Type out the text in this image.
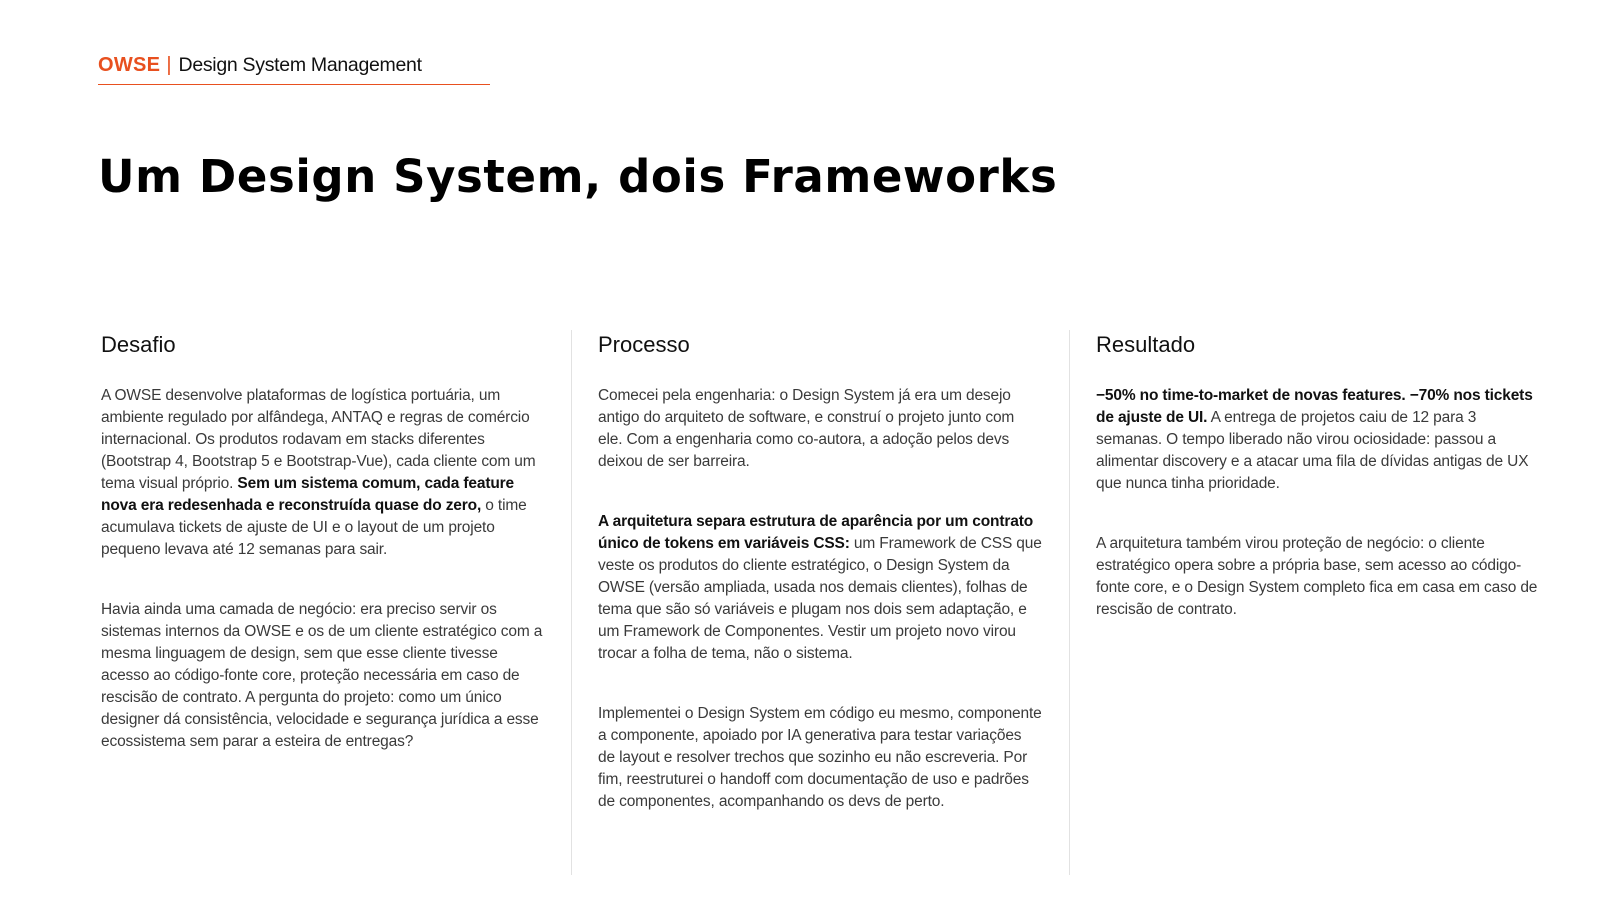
OWSE | Design System Management
Um Design System, dois Frameworks
Desafio

A OWSE desenvolve plataformas de logística portuária, um ambiente regulado por alfândega, ANTAQ e regras de comércio internacional. Os produtos rodavam em stacks diferentes (Bootstrap 4, Bootstrap 5 e Bootstrap-Vue), cada cliente com um tema visual próprio. Sem um sistema comum, cada feature nova era redesenhada e reconstruída quase do zero, o time acumulava tickets de ajuste de UI e o layout de um projeto pequeno levava até 12 semanas para sair.

Havia ainda uma camada de negócio: era preciso servir os sistemas internos da OWSE e os de um cliente estratégico com a mesma linguagem de design, sem que esse cliente tivesse acesso ao código-fonte core, proteção necessária em caso de rescisão de contrato. A pergunta do projeto: como um único designer dá consistência, velocidade e segurança jurídica a esse ecossistema sem parar a esteira de entregas?

Processo

Comecei pela engenharia: o Design System já era um desejo antigo do arquiteto de software, e construí o projeto junto com ele. Com a engenharia como co-autora, a adoção pelos devs deixou de ser barreira.

A arquitetura separa estrutura de aparência por um contrato único de tokens em variáveis CSS: um Framework de CSS que veste os produtos do cliente estratégico, o Design System da OWSE (versão ampliada, usada nos demais clientes), folhas de tema que são só variáveis e plugam nos dois sem adaptação, e um Framework de Componentes. Vestir um projeto novo virou trocar a folha de tema, não o sistema.

Implementei o Design System em código eu mesmo, componente a componente, apoiado por IA generativa para testar variações de layout e resolver trechos que sozinho eu não escreveria. Por fim, reestruturei o handoff com documentação de uso e padrões de componentes, acompanhando os devs de perto.

Resultado

−50% no time-to-market de novas features. −70% nos tickets de ajuste de UI. A entrega de projetos caiu de 12 para 3 semanas. O tempo liberado não virou ociosidade: passou a alimentar discovery e a atacar uma fila de dívidas antigas de UX que nunca tinha prioridade.

A arquitetura também virou proteção de negócio: o cliente estratégico opera sobre a própria base, sem acesso ao código-fonte core, e o Design System completo fica em casa em caso de rescisão de contrato.
